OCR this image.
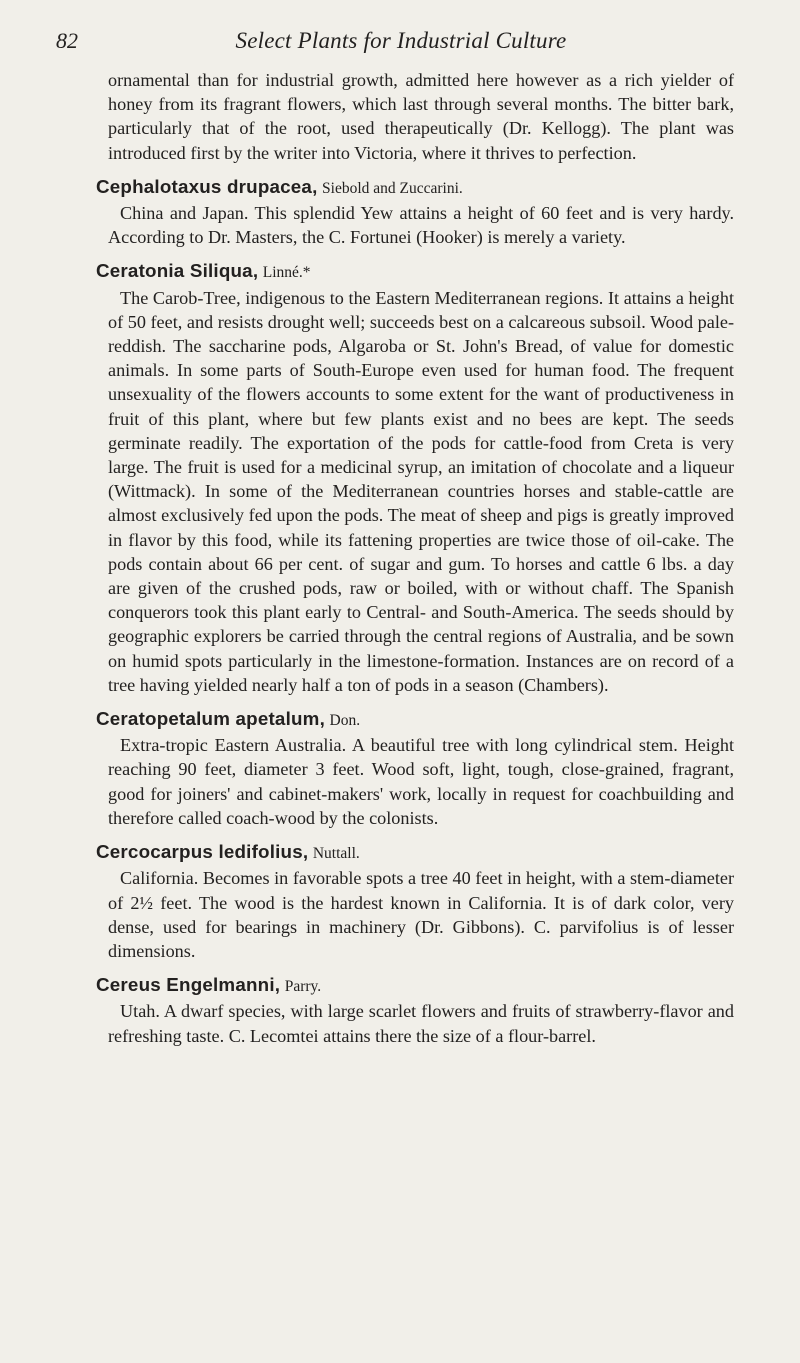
82	Select Plants for Industrial Culture

ornamental than for industrial growth, admitted here however as a rich yielder of honey from its fragrant flowers, which last through several months. The bitter bark, particularly that of the root, used therapeutically (Dr. Kellogg). The plant was introduced first by the writer into Victoria, where it thrives to perfection.

Cephalotaxus drupacea, Siebold and Zuccarini.

China and Japan. This splendid Yew attains a height of 60 feet and is very hardy. According to Dr. Masters, the C. Fortunei (Hooker) is merely a variety.

Ceratonia Siliqua, Linné.*

The Carob-Tree, indigenous to the Eastern Mediterranean regions. It attains a height of 50 feet, and resists drought well; succeeds best on a calcareous subsoil. Wood pale-reddish. The saccharine pods, Algaroba or St. John's Bread, of value for domestic animals. In some parts of South-Europe even used for human food. The frequent unsexuality of the flowers accounts to some extent for the want of productiveness in fruit of this plant, where but few plants exist and no bees are kept. The seeds germinate readily. The exportation of the pods for cattle-food from Creta is very large. The fruit is used for a medicinal syrup, an imitation of chocolate and a liqueur (Wittmack). In some of the Mediterranean countries horses and stable-cattle are almost exclusively fed upon the pods. The meat of sheep and pigs is greatly improved in flavor by this food, while its fattening properties are twice those of oil-cake. The pods contain about 66 per cent. of sugar and gum. To horses and cattle 6 lbs. a day are given of the crushed pods, raw or boiled, with or without chaff. The Spanish conquerors took this plant early to Central- and South-America. The seeds should by geographic explorers be carried through the central regions of Australia, and be sown on humid spots particularly in the limestone-formation. Instances are on record of a tree having yielded nearly half a ton of pods in a season (Chambers).

Ceratopetalum apetalum, Don.

Extra-tropic Eastern Australia. A beautiful tree with long cylindrical stem. Height reaching 90 feet, diameter 3 feet. Wood soft, light, tough, close-grained, fragrant, good for joiners' and cabinet-makers' work, locally in request for coachbuilding and therefore called coach-wood by the colonists.

Cercocarpus ledifolius, Nuttall.

California. Becomes in favorable spots a tree 40 feet in height, with a stem-diameter of 2½ feet. The wood is the hardest known in California. It is of dark color, very dense, used for bearings in machinery (Dr. Gibbons). C. parvifolius is of lesser dimensions.

Cereus Engelmanni, Parry.

Utah. A dwarf species, with large scarlet flowers and fruits of strawberry-flavor and refreshing taste. C. Lecomtei attains there the size of a flour-barrel.
